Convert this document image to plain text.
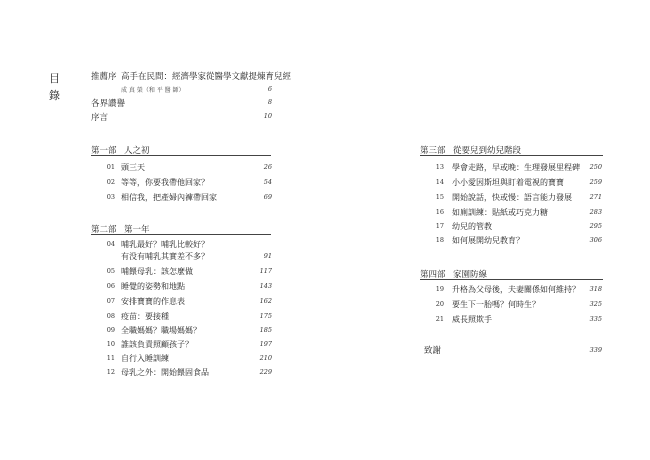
目
錄
推薦序 高手在民間：經濟學家從醫學文獻提煉育兒經
成 真 榮（和 平 醫 師）	6
各界讚譽	8
序言	10
第一部 人之初
01 頭三天	26
02 等等，你要我帶他回家？	54
03 相信我，把產婦內褲帶回家	69
第二部 第一年
04 哺乳最好？哺乳比較好？
有没有哺乳其實差不多？	91
05 哺餵母乳：該怎麼做	117
06 睡覺的姿勢和地點	143
07 安排寶寶的作息表	162
08 疫苗：要接種	175
09 全職媽媽？職場媽媽？	185
10 誰該負責照顧孩子？	197
11 自行入睡訓練	210
12 母乳之外：開始餵固食品	229
第三部 從要兒到幼兒階段
13 學會走路，早或晚：生理發展里程碑	250
14 小小愛因斯坦與盯着電視的寶寶	259
15 開始說話，快或慢：語言能力發展	271
16 如廁訓練：貼紙或巧克力糖	283
17 幼兒的管教	295
18 如何展開幼兒教育？	306
第四部 家園防線
19 升格為父母後，夫妻關係如何維持？	318
20 要生下一胎嗎？何時生？	325
21 威長照欺手	335
致謝	339
